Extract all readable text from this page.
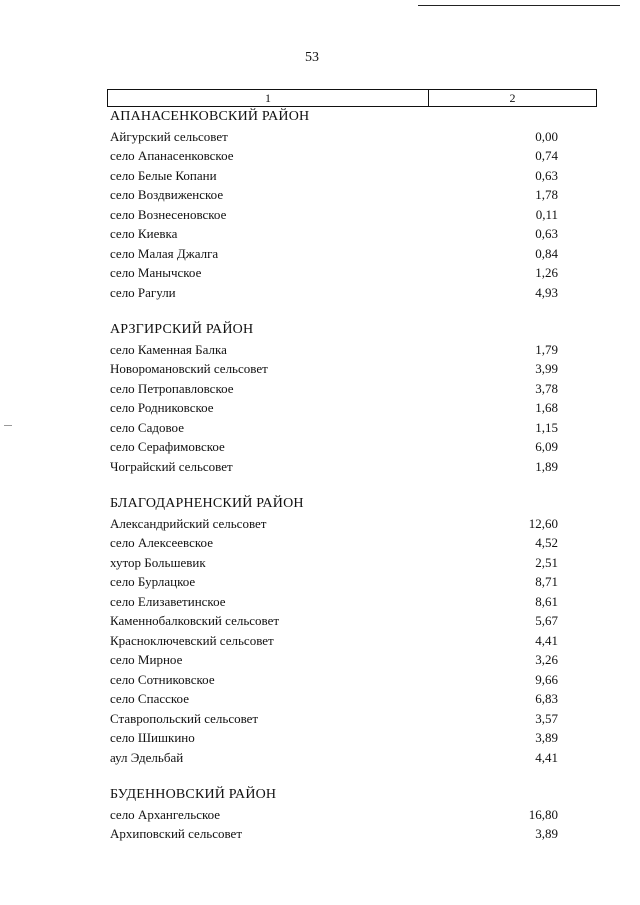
53
1	2
АПАНАСЕНКОВСКИЙ РАЙОН
Айгурский сельсовет	0,00
село Апанасенковское	0,74
село Белые Копани	0,63
село Воздвиженское	1,78
село Вознесеновское	0,11
село Киевка	0,63
село Малая Джалга	0,84
село Манычское	1,26
село Рагули	4,93
АРЗГИРСКИЙ РАЙОН
село Каменная Балка	1,79
Новоромановский сельсовет	3,99
село Петропавловское	3,78
село Родниковское	1,68
село Садовое	1,15
село Серафимовское	6,09
Чограйский сельсовет	1,89
БЛАГОДАРНЕНСКИЙ РАЙОН
Александрийский сельсовет	12,60
село Алексеевское	4,52
хутор Большевик	2,51
село Бурлацкое	8,71
село Елизаветинское	8,61
Каменнобалковский сельсовет	5,67
Красноключевский сельсовет	4,41
село Мирное	3,26
село Сотниковское	9,66
село Спасское	6,83
Ставропольский сельсовет	3,57
село Шишкино	3,89
аул Эдельбай	4,41
БУДЕННОВСКИЙ РАЙОН
село Архангельское	16,80
Архиповский сельсовет	3,89
